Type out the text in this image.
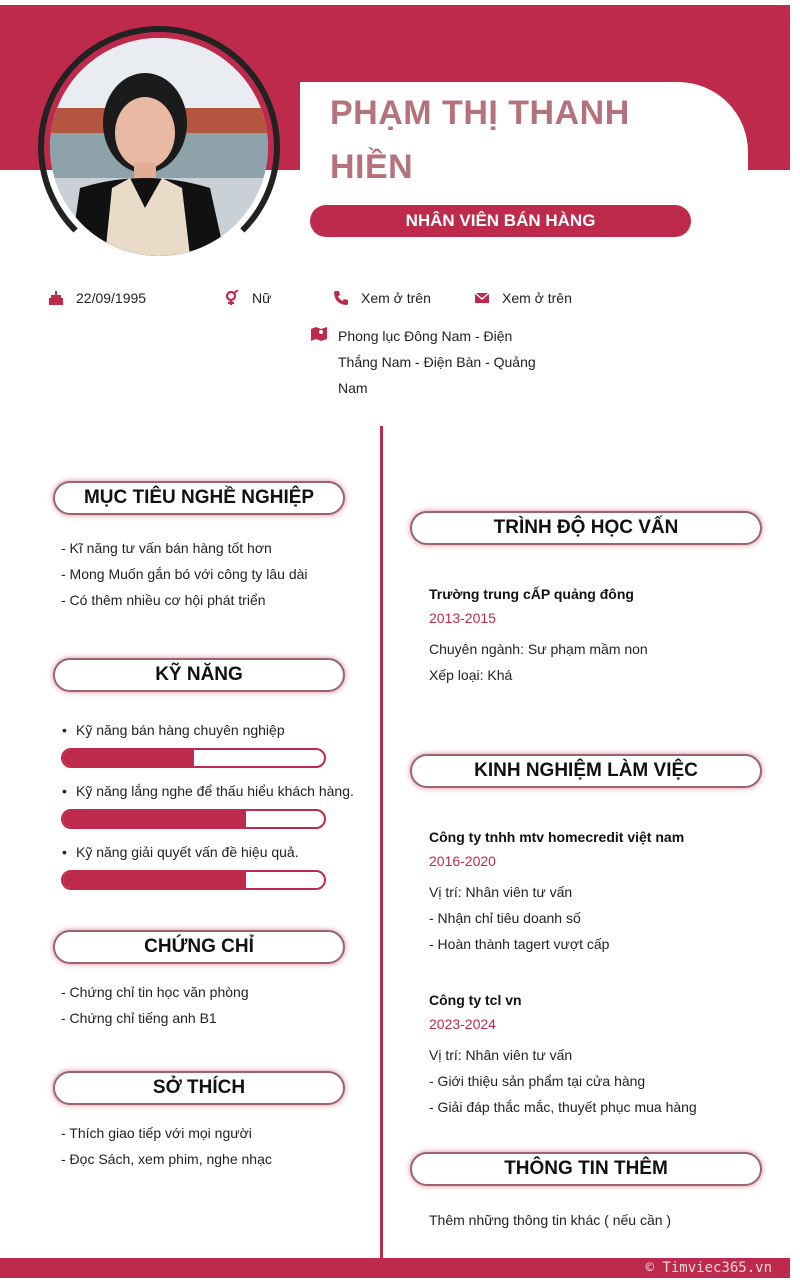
PHẠM THỊ THANH
HIỀN
NHÂN VIÊN BÁN HÀNG
22/09/1995	Nữ	Xem ở trên	Xem ở trên
Phong lục Đông Nam - Điện Thắng Nam - Điện Bàn - Quảng Nam
MỤC TIÊU NGHỀ NGHIỆP
- Kĩ năng tư vấn bán hàng tốt hơn
- Mong Muốn gắn bó với công ty lâu dài
- Có thêm nhiều cơ hội phát triển
KỸ NĂNG
• Kỹ năng bán hàng chuyên nghiệp
• Kỹ năng lắng nghe để thấu hiểu khách hàng.
• Kỹ năng giải quyết vấn đề hiệu quả.
CHỨNG CHỈ
- Chứng chỉ tin học văn phòng
- Chứng chỉ tiếng anh B1
SỞ THÍCH
- Thích giao tiếp với mọi người
- Đọc Sách, xem phim, nghe nhạc
TRÌNH ĐỘ HỌC VẤN
Trường trung cẤP quảng đông
2013-2015
Chuyên ngành: Sư phạm mầm non
Xếp loại: Khá
KINH NGHIỆM LÀM VIỆC
Công ty tnhh mtv homecredit việt nam
2016-2020
Vị trí: Nhân viên tư vấn
- Nhận chỉ tiêu doanh số
- Hoàn thành tagert vượt cấp
Công ty tcl vn
2023-2024
Vị trí: Nhân viên tư vấn
- Giới thiệu sản phẩm tại cửa hàng
- Giải đáp thắc mắc, thuyết phục mua hàng
THÔNG TIN THÊM
Thêm những thông tin khác ( nếu cần )
© Timviec365.vn
